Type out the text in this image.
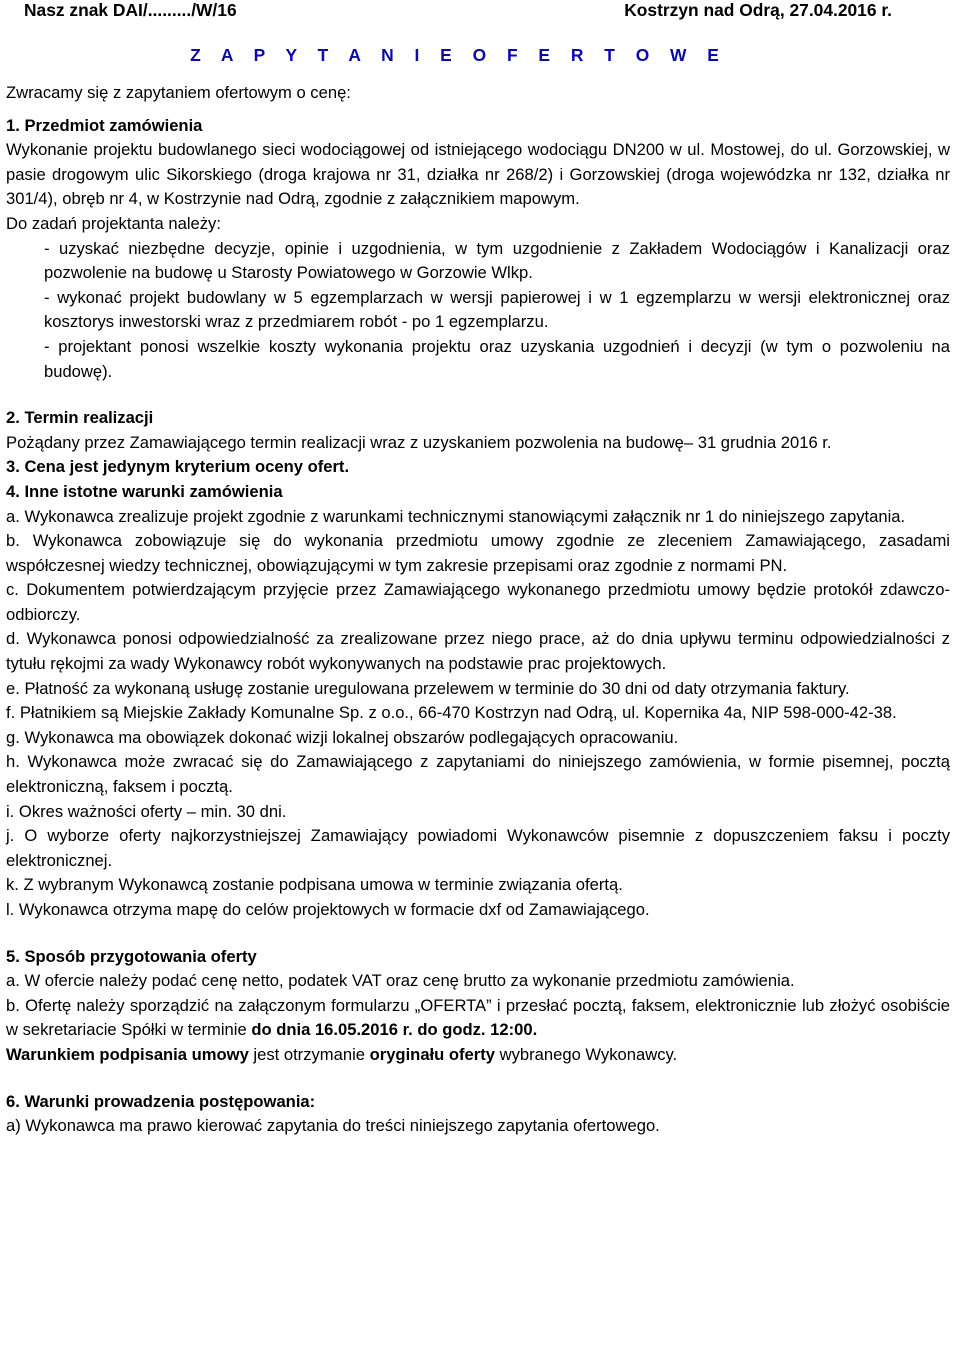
Nasz znak DAI/........./W/16	Kostrzyn nad Odrą, 27.04.2016 r.
Z A P Y T A N I E O F E R T O W E

Zwracamy się z zapytaniem ofertowym o cenę:

1. Przedmiot zamówienia

Wykonanie projektu budowlanego sieci wodociągowej od istniejącego wodociągu DN200 w ul. Mostowej, do ul. Gorzowskiej, w pasie drogowym ulic Sikorskiego (droga krajowa nr 31, działka nr 268/2) i Gorzowskiej (droga wojewódzka nr 132, działka nr 301/4), obręb nr 4, w Kostrzynie nad Odrą, zgodnie z załącznikiem mapowym.

Do zadań projektanta należy:

- uzyskać niezbędne decyzje, opinie i uzgodnienia, w tym uzgodnienie z Zakładem Wodociągów i Kanalizacji oraz pozwolenie na budowę u Starosty Powiatowego w Gorzowie Wlkp.

- wykonać projekt budowlany w 5 egzemplarzach w wersji papierowej i w 1 egzemplarzu w wersji elektronicznej oraz kosztorys inwestorski wraz z przedmiarem robót - po 1 egzemplarzu.

- projektant ponosi wszelkie koszty wykonania projektu oraz uzyskania uzgodnień i decyzji (w tym o pozwoleniu na budowę).

2. Termin realizacji

Pożądany przez Zamawiającego termin realizacji wraz z uzyskaniem pozwolenia na budowę– 31 grudnia 2016 r.

3. Cena jest jedynym kryterium oceny ofert.

4. Inne istotne warunki zamówienia

a. Wykonawca zrealizuje projekt zgodnie z warunkami technicznymi stanowiącymi załącznik nr 1 do niniejszego zapytania.

b. Wykonawca zobowiązuje się do wykonania przedmiotu umowy zgodnie ze zleceniem Zamawiającego, zasadami współczesnej wiedzy technicznej, obowiązującymi w tym zakresie przepisami oraz zgodnie z normami PN.

c. Dokumentem potwierdzającym przyjęcie przez Zamawiającego wykonanego przedmiotu umowy będzie protokół zdawczo-odbiorczy.

d. Wykonawca ponosi odpowiedzialność za zrealizowane przez niego prace, aż do dnia upływu terminu odpowiedzialności z tytułu rękojmi za wady Wykonawcy robót wykonywanych na podstawie prac projektowych.

e. Płatność za wykonaną usługę zostanie uregulowana przelewem w terminie do 30 dni od daty otrzymania faktury.

f. Płatnikiem są Miejskie Zakłady Komunalne Sp. z o.o., 66-470 Kostrzyn nad Odrą, ul. Kopernika 4a, NIP 598-000-42-38.

g. Wykonawca ma obowiązek dokonać wizji lokalnej obszarów podlegających opracowaniu.

h. Wykonawca może zwracać się do Zamawiającego z zapytaniami do niniejszego zamówienia, w formie pisemnej, pocztą elektroniczną, faksem i pocztą.

i. Okres ważności oferty – min. 30 dni.

j. O wyborze oferty najkorzystniejszej Zamawiający powiadomi Wykonawców pisemnie z dopuszczeniem faksu i poczty elektronicznej.

k. Z wybranym Wykonawcą zostanie podpisana umowa w terminie związania ofertą.

l. Wykonawca otrzyma mapę do celów projektowych w formacie dxf od Zamawiającego.

5. Sposób przygotowania oferty

a. W ofercie należy podać cenę netto, podatek VAT oraz cenę brutto za wykonanie przedmiotu zamówienia.

b. Ofertę należy sporządzić na załączonym formularzu „OFERTA” i przesłać pocztą, faksem, elektronicznie lub złożyć osobiście w sekretariacie Spółki w terminie do dnia 16.05.2016 r. do godz. 12:00.

Warunkiem podpisania umowy jest otrzymanie oryginału oferty wybranego Wykonawcy.

6. Warunki prowadzenia postępowania:

a) Wykonawca ma prawo kierować zapytania do treści niniejszego zapytania ofertowego.
